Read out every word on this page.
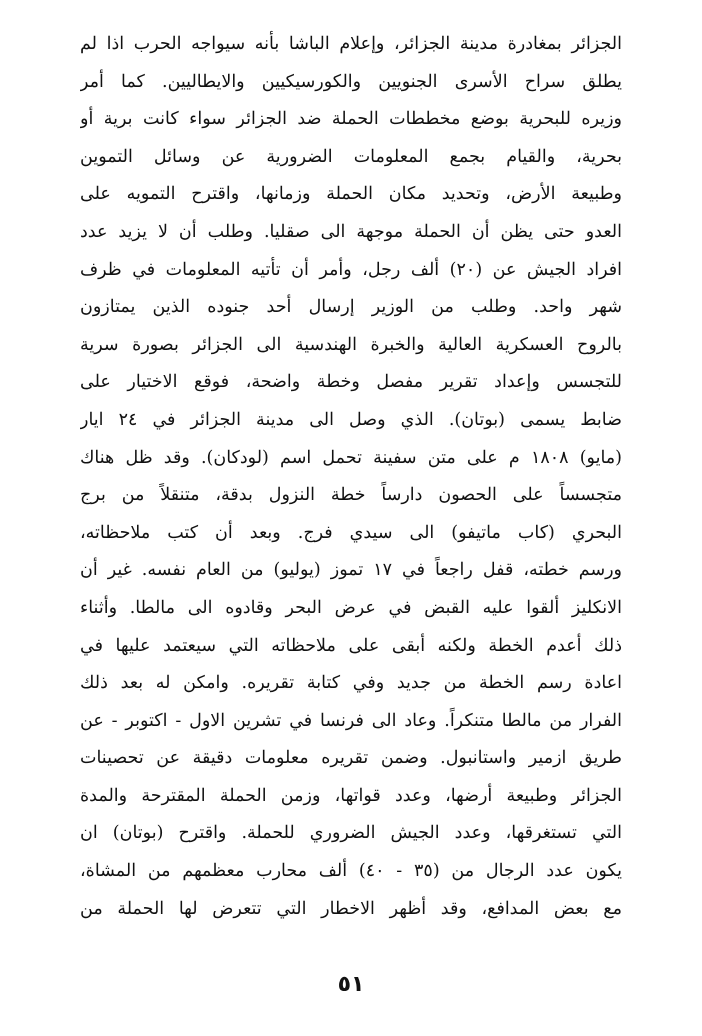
الجزائر بمغادرة مدينة الجزائر، وإعلام الباشا بأنه سيواجه الحرب اذا لم
يطلق سراح الأسرى الجنويين والكورسيكيين والايطاليين. كما أمر
وزيره للبحرية بوضع مخططات الحملة ضد الجزائر سواء كانت برية أو
بحرية، والقيام بجمع المعلومات الضرورية عن وسائل التموين
وطبيعة الأرض، وتحديد مكان الحملة وزمانها، واقترح التمويه على
العدو حتى يظن أن الحملة موجهة الى صقليا. وطلب أن لا يزيد عدد
افراد الجيش عن (٢٠) ألف رجل، وأمر أن تأتيه المعلومات في ظرف
شهر واحد. وطلب من الوزير إرسال أحد جنوده الذين يمتازون
بالروح العسكرية العالية والخبرة الهندسية الى الجزائر بصورة سرية
للتجسس وإعداد تقرير مفصل وخطة واضحة، فوقع الاختيار على
ضابط يسمى (بوتان). الذي وصل الى مدينة الجزائر في ٢٤ ايار
(مايو) ١٨٠٨ م على متن سفينة تحمل اسم (لودكان). وقد ظل هناك
متجسساً على الحصون دارساً خطة النزول بدقة، متنقلاً من برج
البحري (كاب ماتيفو) الى سيدي فرج. وبعد أن كتب ملاحظاته،
ورسم خطته، قفل راجعاً في ١٧ تموز (يوليو) من العام نفسه. غير أن
الانكليز ألقوا عليه القبض في عرض البحر وقادوه الى مالطا. وأثناء
ذلك أعدم الخطة ولكنه أبقى على ملاحظاته التي سيعتمد عليها في
اعادة رسم الخطة من جديد وفي كتابة تقريره. وامكن له بعد ذلك
الفرار من مالطا متنكراً. وعاد الى فرنسا في تشرين الاول - اكتوبر - عن
طريق ازمير واستانبول. وضمن تقريره معلومات دقيقة عن تحصينات
الجزائر وطبيعة أرضها، وعدد قواتها، وزمن الحملة المقترحة والمدة
التي تستغرقها، وعدد الجيش الضروري للحملة. واقترح (بوتان) ان
يكون عدد الرجال من (٣٥ - ٤٠) ألف محارب معظمهم من المشاة،
مع بعض المدافع، وقد أظهر الاخطار التي تتعرض لها الحملة من
٥١
